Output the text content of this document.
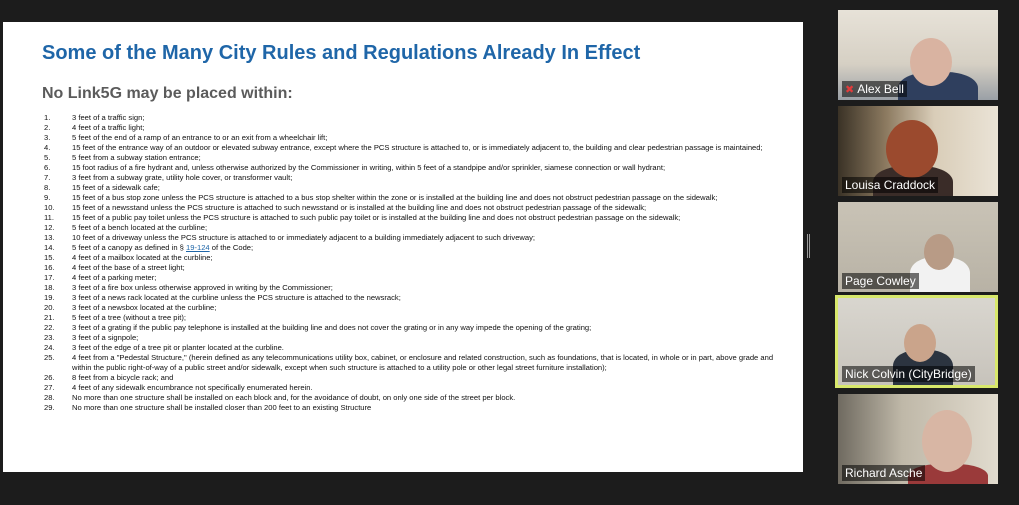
Some of the Many City Rules and Regulations Already In Effect
No Link5G may be placed within:
1.	3 feet of a traffic sign;
2.	4 feet of a traffic light;
3.	5 feet of the end of a ramp of an entrance to or an exit from a wheelchair lift;
4.	15 feet of the entrance way of an outdoor or elevated subway entrance, except where the PCS structure is attached to, or is immediately adjacent to, the building and clear pedestrian passage is maintained;
5.	5 feet from a subway station entrance;
6.	15 foot radius of a fire hydrant and, unless otherwise authorized by the Commissioner in writing, within 5 feet of a standpipe and/or sprinkler, siamese connection or wall hydrant;
7.	3 feet from a subway grate, utility hole cover, or transformer vault;
8.	15 feet of a sidewalk cafe;
9.	15 feet of a bus stop zone unless the PCS structure is attached to a bus stop shelter within the zone or is installed at the building line and does not obstruct pedestrian passage on the sidewalk;
10.	15 feet of a newsstand unless the PCS structure is attached to such newsstand or is installed at the building line and does not obstruct pedestrian passage of the sidewalk;
11.	15 feet of a public pay toilet unless the PCS structure is attached to such public pay toilet or is installed at the building line and does not obstruct pedestrian passage on the sidewalk;
12.	5 feet of a bench located at the curbline;
13.	10 feet of a driveway unless the PCS structure is attached to or immediately adjacent to a building immediately adjacent to such driveway;
14.	5 feet of a canopy as defined in § 19-124 of the Code;
15.	4 feet of a mailbox located at the curbline;
16.	4 feet of the base of a street light;
17.	4 feet of a parking meter;
18.	3 feet of a fire box unless otherwise approved in writing by the Commissioner;
19.	3 feet of a news rack located at the curbline unless the PCS structure is attached to the newsrack;
20.	3 feet of a newsbox located at the curbline;
21.	5 feet of a tree (without a tree pit);
22.	3 feet of a grating if the public pay telephone is installed at the building line and does not cover the grating or in any way impede the opening of the grating;
23.	3 feet of a signpole;
24.	3 feet of the edge of a tree pit or planter located at the curbline.
25.	4 feet from a "Pedestal Structure," (herein defined as any telecommunications utility box, cabinet, or enclosure and related construction, such as foundations, that is located, in whole or in part, above grade and within the public right-of-way of a public street and/or sidewalk, except when such structure is attached to a utility pole or other legal street furniture installation);
26.	8 feet from a bicycle rack; and
27.	4 feet of any sidewalk encumbrance not specifically enumerated herein.
28.	No more than one structure shall be installed on each block and, for the avoidance of doubt, on only one side of the street per block.
29.	No more than one structure shall be installed closer than 200 feet to an existing Structure
✖ Alex Bell
Louisa Craddock
Page Cowley
Nick Colvin (CityBridge)
Richard Asche
